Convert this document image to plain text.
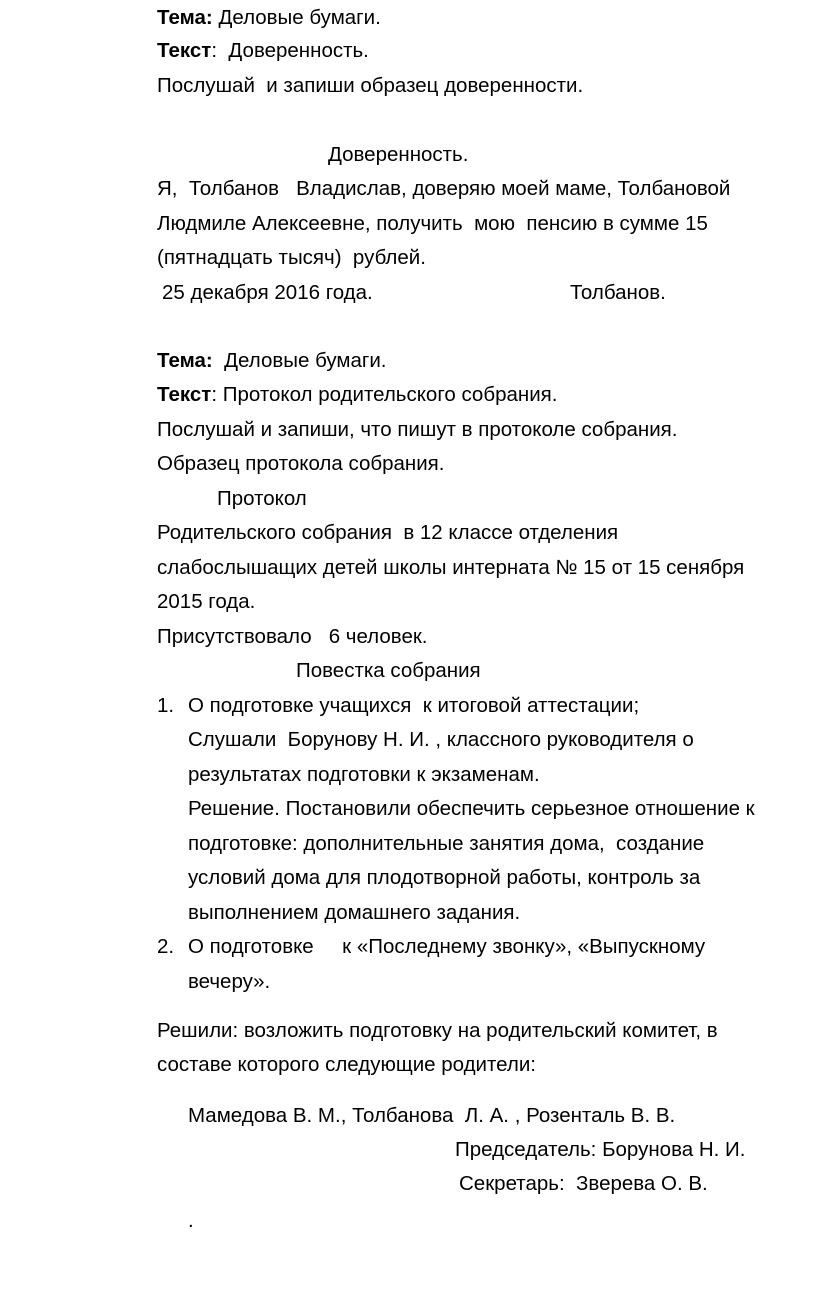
Тема: Деловые бумаги.
Текст:  Доверенность.
Послушай  и запиши образец доверенности.
Доверенность.
Я,  Толбанов   Владислав, доверяю моей маме, Толбановой
Людмиле Алексеевне, получить  мою  пенсию в сумме 15
(пятнадцать тысяч)  рублей.
25 декабря 2016 года.	Толбанов.
Тема:  Деловые бумаги.
Текст: Протокол родительского собрания.
Послушай и запиши, что пишут в протоколе собрания.
Образец протокола собрания.
Протокол
Родительского собрания  в 12 классе отделения
слабослышащих детей школы интерната № 15 от 15 сенября
2015 года.
Присутствовало   6 человек.
Повестка собрания
1. О подготовке учащихся  к итоговой аттестации;
Слушали  Борунову Н. И. , классного руководителя о
результатах подготовки к экзаменам.
Решение. Постановили обеспечить серьезное отношение к
подготовке: дополнительные занятия дома,  создание
условий дома для плодотворной работы, контроль за
выполнением домашнего задания.
2. О подготовке     к «Последнему звонку», «Выпускному
вечеру».
Решили: возложить подготовку на родительский комитет, в
составе которого следующие родители:
Мамедова В. М., Толбанова  Л. А. , Розенталь В. В.
Председатель: Борунова Н. И.
Секретарь:  Зверева О. В.
.
